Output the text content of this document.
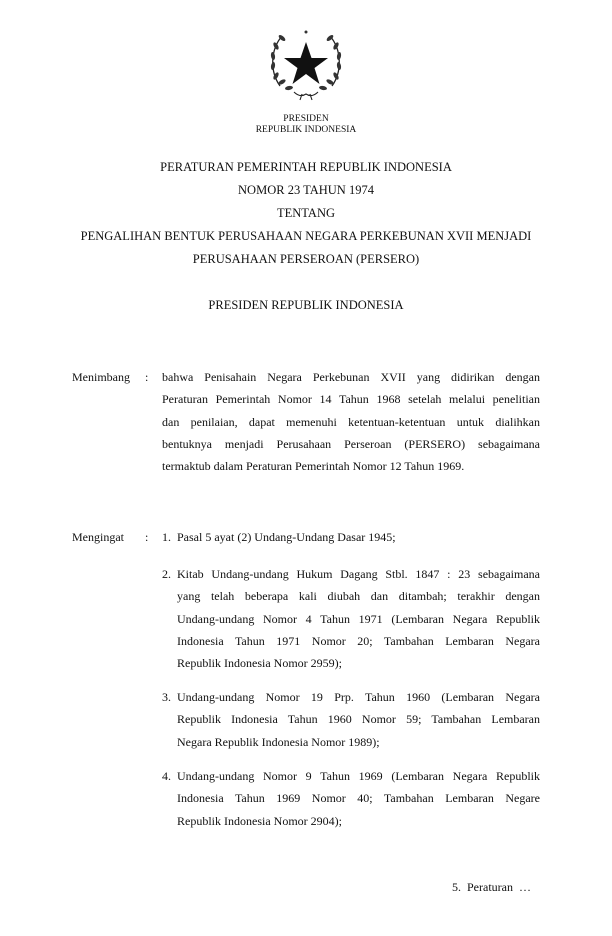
PRESIDEN
REPUBLIK INDONESIA
PERATURAN PEMERINTAH REPUBLIK INDONESIA
NOMOR 23 TAHUN 1974
TENTANG
PENGALIHAN BENTUK PERUSAHAAN NEGARA PERKEBUNAN XVII MENJADI
PERUSAHAAN PERSEROAN (PERSERO)
PRESIDEN REPUBLIK INDONESIA
Menimbang : bahwa Penisahain Negara Perkebunan XVII yang didirikan dengan
Peraturan Pemerintah Nomor 14 Tahun 1968 setelah melalui penelitian
dan penilaian, dapat memenuhi ketentuan-ketentuan untuk dialihkan
bentuknya menjadi Perusahaan Perseroan (PERSERO) sebagaimana
termaktub dalam Peraturan Pemerintah Nomor 12 Tahun 1969.
Mengingat : 1. Pasal 5 ayat (2) Undang-Undang Dasar 1945;
2. Kitab Undang-undang Hukum Dagang Stbl. 1847 : 23 sebagaimana
yang telah beberapa kali diubah dan ditambah; terakhir dengan
Undang-undang Nomor 4 Tahun 1971 (Lembaran Negara Republik
Indonesia Tahun 1971 Nomor 20; Tambahan Lembaran Negara
Republik Indonesia Nomor 2959);
3. Undang-undang Nomor 19 Prp. Tahun 1960 (Lembaran Negara
Republik Indonesia Tahun 1960 Nomor 59; Tambahan Lembaran
Negara Republik Indonesia Nomor 1989);
4. Undang-undang Nomor 9 Tahun 1969 (Lembaran Negara Republik
Indonesia Tahun 1969 Nomor 40; Tambahan Lembaran Negare
Republik Indonesia Nomor 2904);
5.  Peraturan  …
